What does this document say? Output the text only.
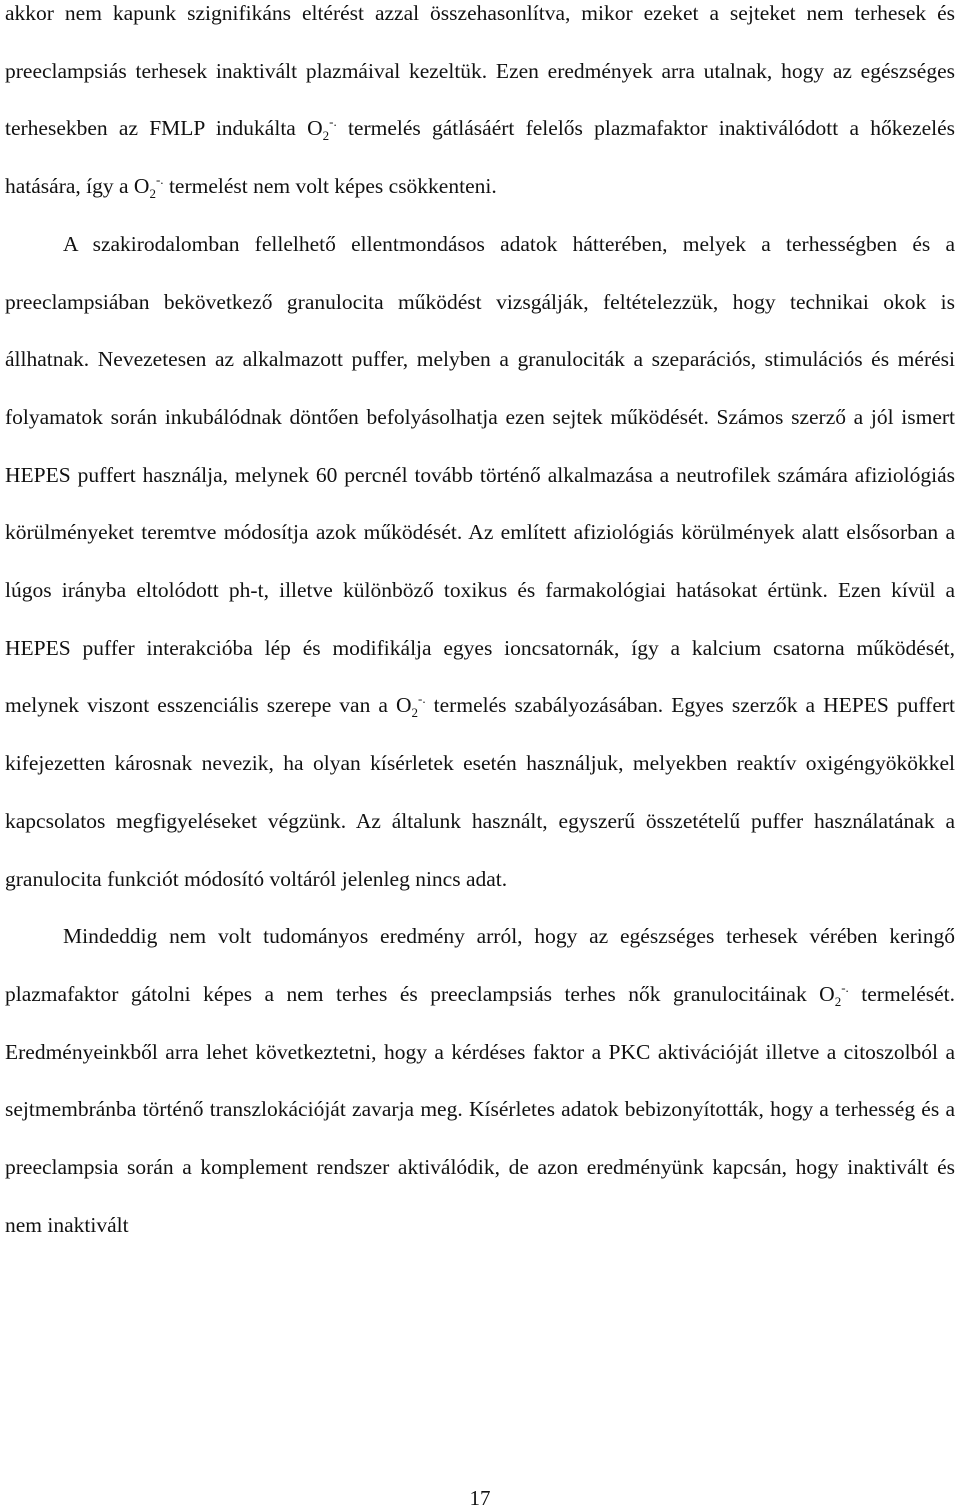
akkor nem kapunk szignifikáns eltérést azzal összehasonlítva, mikor ezeket a sejteket nem terhesek és preeclampsiás terhesek inaktivált plazmáival kezeltük. Ezen eredmények arra utalnak, hogy az egészséges terhesekben az FMLP indukálta $O_2^{-.}$ termelés gátlásáért felelős plazmafaktor inaktiválódott a hőkezelés hatására, így a $O_2^{-.}$ termelést nem volt képes csökkenteni.

A szakirodalomban fellelhető ellentmondásos adatok hátterében, melyek a terhességben és a preeclampsiában bekövetkező granulocita működést vizsgálják, feltételezzük, hogy technikai okok is állhatnak. Nevezetesen az alkalmazott puffer, melyben a granulociták a szeparációs, stimulációs és mérési folyamatok során inkubálódnak döntően befolyásolhatja ezen sejtek működését. Számos szerző a jól ismert HEPES puffert használja, melynek 60 percnél tovább történő alkalmazása a neutrofilek számára afiziológiás körülményeket teremtve módosítja azok működését. Az említett afiziológiás körülmények alatt elsősorban a lúgos irányba eltolódott ph-t, illetve különböző toxikus és farmakológiai hatásokat értünk. Ezen kívül a HEPES puffer interakcióba lép és modifikálja egyes ioncsatornák, így a kalcium csatorna működését, melynek viszont esszenciális szerepe van a $O_2^{-.}$ termelés szabályozásában. Egyes szerzők a HEPES puffert kifejezetten károsnak nevezik, ha olyan kísérletek esetén használjuk, melyekben reaktív oxigéngyökökkel kapcsolatos megfigyeléseket végzünk. Az általunk használt, egyszerű összetételű puffer használatának a granulocita funkciót módosító voltáról jelenleg nincs adat.

Mindeddig nem volt tudományos eredmény arról, hogy az egészséges terhesek vérében keringő plazmafaktor gátolni képes a nem terhes és preeclampsiás terhes nők granulocitáinak $O_2^{-.}$ termelését. Eredményeinkből arra lehet következtetni, hogy a kérdéses faktor a PKC aktivációját illetve a citoszolból a sejtmembránba történő transzlokációját zavarja meg. Kísérletes adatok bebizonyították, hogy a terhesség és a preeclampsia során a komplement rendszer aktiválódik, de azon eredményünk kapcsán, hogy inaktivált és nem inaktivált

17
